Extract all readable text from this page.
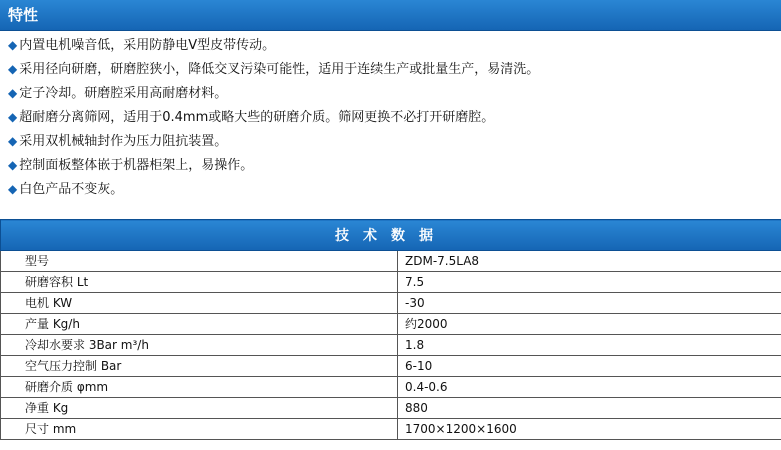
特性
◆ 内置电机噪音低，采用防静电V型皮带传动。
◆ 采用径向研磨，研磨腔狭小，降低交叉污染可能性，适用于连续生产或批量生产，易清洗。
◆ 定子冷却。研磨腔采用高耐磨材料。
◆ 超耐磨分离筛网，适用于0.4mm或略大些的研磨介质。筛网更换不必打开研磨腔。
◆ 采用双机械轴封作为压力阻抗装置。
◆ 控制面板整体嵌于机器柜架上，易操作。
◆ 白色产品不变灰。
技术数据	
型号	ZDM-7.5LA8
研磨容积 Lt	7.5
电机 KW	-30
产量 Kg/h	约2000
冷却水要求 3Bar m³/h	1.8
空气压力控制 Bar	6-10
研磨介质 φmm	0.4-0.6
净重 Kg	880
尺寸 mm	1700×1200×1600
